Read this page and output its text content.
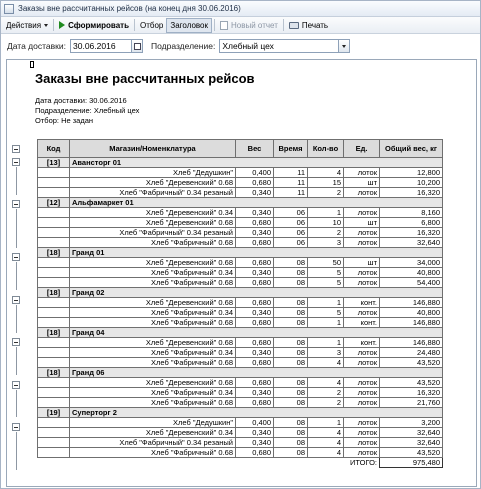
Заказы вне рассчитанных рейсов (на конец дня 30.06.2016)
Действия	Сформировать Отбор Заголовок	Новый отчет	Печать
Дата доставки: 30.06.2016	Подразделение: Хлебный цех
Заказы вне рассчитанных рейсов
Дата доставки: 30.06.2016
Подразделение: Хлебный цех
Отбор: Не задан
Код	Магазин/Номенклатура	Вес	Время	Кол-во	Ед.	Общий вес, кг
[13]	Авансторг 01					
	Хлеб "Дедушкин"	0,400	11	4	лоток	12,800
	Хлеб "Деревенский" 0.68	0,680	11	15	шт	10,200
	Хлеб "Фабричный" 0.34 резаный	0,340	11	2	лоток	16,320
[12]	Альфамаркет 01					
	Хлеб "Деревенский" 0.34	0,340	06	1	лоток	8,160
	Хлеб "Деревенский" 0.68	0,680	06	10	шт	6,800
	Хлеб "Фабричный" 0.34 резаный	0,340	06	2	лоток	16,320
	Хлеб "Фабричный" 0.68	0,680	06	3	лоток	32,640
[18]	Гранд 01					
	Хлеб "Деревенский" 0.68	0,680	08	50	шт	34,000
	Хлеб "Фабричный" 0.34	0,340	08	5	лоток	40,800
	Хлеб "Фабричный" 0.68	0,680	08	5	лоток	54,400
[18]	Гранд 02					
	Хлеб "Деревенский" 0.68	0,680	08	1	конт.	146,880
	Хлеб "Фабричный" 0.34	0,340	08	5	лоток	40,800
	Хлеб "Фабричный" 0.68	0,680	08	1	конт.	146,880
[18]	Гранд 04					
	Хлеб "Деревенский" 0.68	0,680	08	1	конт.	146,880
	Хлеб "Фабричный" 0.34	0,340	08	3	лоток	24,480
	Хлеб "Фабричный" 0.68	0,680	08	4	лоток	43,520
[18]	Гранд 06					
	Хлеб "Деревенский" 0.68	0,680	08	4	лоток	43,520
	Хлеб "Фабричный" 0.34	0,340	08	2	лоток	16,320
	Хлеб "Фабричный" 0.68	0,680	08	2	лоток	21,760
[19]	Суперторг 2					
	Хлеб "Дедушкин"	0,400	08	1	лоток	3,200
	Хлеб "Деревенский" 0.34	0,340	08	4	лоток	32,640
	Хлеб "Фабричный" 0.34 резаный	0,340	08	4	лоток	32,640
	Хлеб "Фабричный" 0.68	0,680	08	4	лоток	43,520
					ИТОГО:	975,480
